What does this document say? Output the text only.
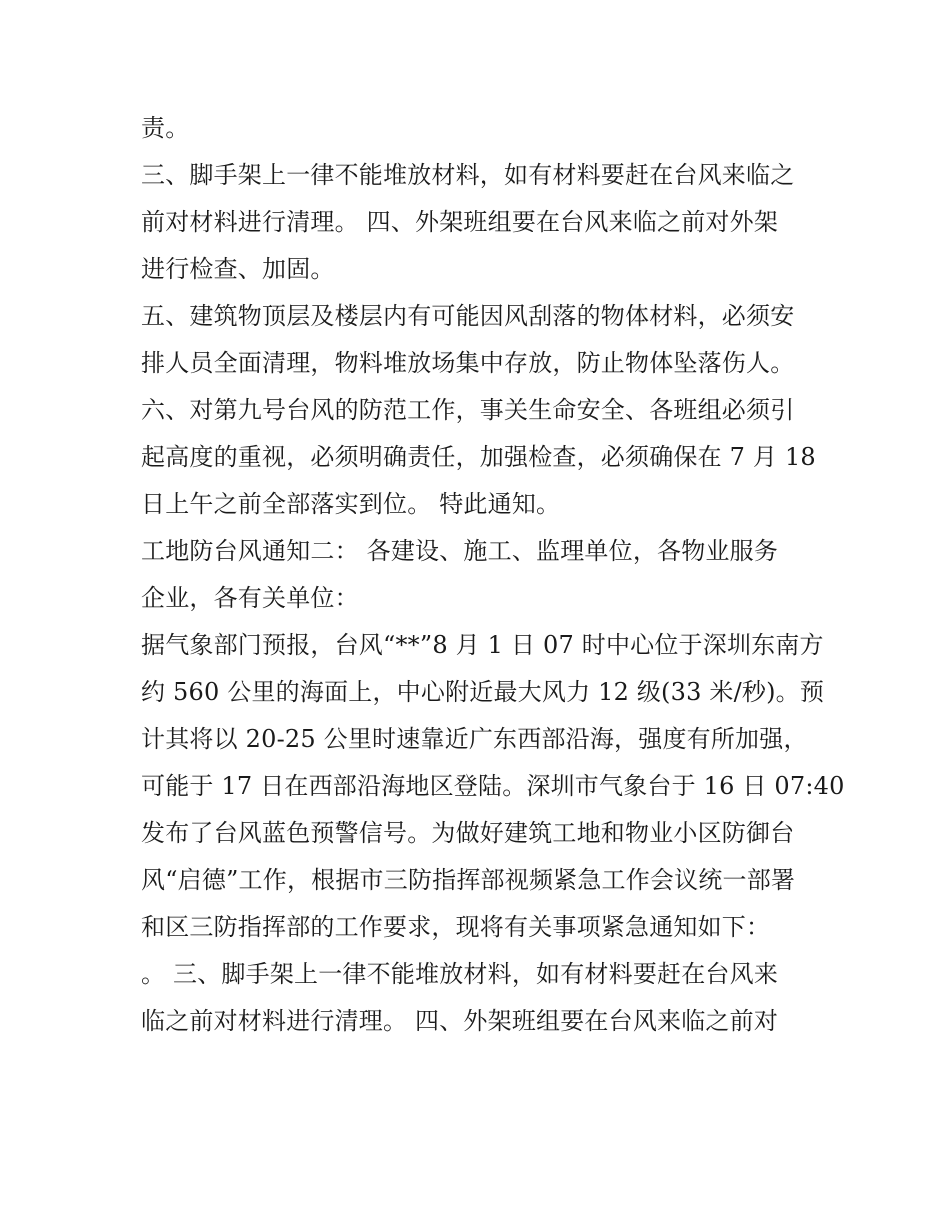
责。
三、脚手架上一律不能堆放材料，如有材料要赶在台风来临之
前对材料进行清理。 四、外架班组要在台风来临之前对外架
进行检查、加固。
五、建筑物顶层及楼层内有可能因风刮落的物体材料，必须安
排人员全面清理，物料堆放场集中存放，防止物体坠落伤人。
六、对第九号台风的防范工作，事关生命安全、各班组必须引
起高度的重视，必须明确责任，加强检查，必须确保在 7 月 18
日上午之前全部落实到位。 特此通知。
工地防台风通知二： 各建设、施工、监理单位，各物业服务
企业，各有关单位：
据气象部门预报，台风“**”8 月 1 日 07 时中心位于深圳东南方
约 560 公里的海面上，中心附近最大风力 12 级(33 米/秒)。预
计其将以 20-25 公里时速靠近广东西部沿海，强度有所加强，
可能于 17 日在西部沿海地区登陆。深圳市气象台于 16 日 07:40
发布了台风蓝色预警信号。为做好建筑工地和物业小区防御台
风“启德”工作，根据市三防指挥部视频紧急工作会议统一部署
和区三防指挥部的工作要求，现将有关事项紧急通知如下：
。 三、脚手架上一律不能堆放材料，如有材料要赶在台风来
临之前对材料进行清理。 四、外架班组要在台风来临之前对
